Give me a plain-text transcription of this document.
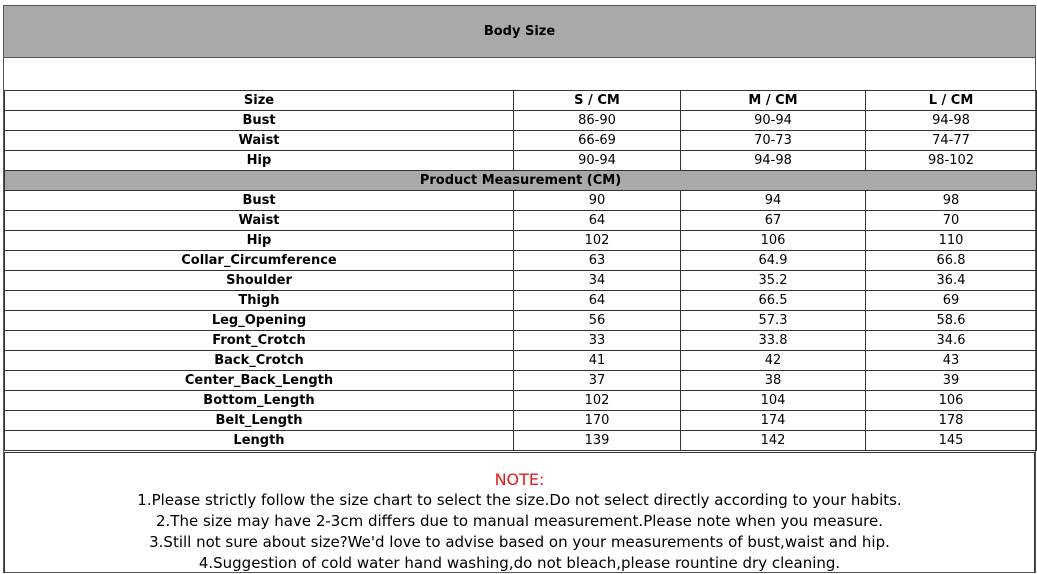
Body Size
Size	S / CM	M / CM	L / CM
Bust	86-90	90-94	94-98
Waist	66-69	70-73	74-77
Hip	90-94	94-98	98-102
Product Measurement (CM)			
Bust	90	94	98
Waist	64	67	70
Hip	102	106	110
Collar_Circumference	63	64.9	66.8
Shoulder	34	35.2	36.4
Thigh	64	66.5	69
Leg_Opening	56	57.3	58.6
Front_Crotch	33	33.8	34.6
Back_Crotch	41	42	43
Center_Back_Length	37	38	39
Bottom_Length	102	104	106
Belt_Length	170	174	178
Length	139	142	145
NOTE:
1.Please strictly follow the size chart to select the size.Do not select directly according to your habits.
2.The size may have 2-3cm differs due to manual measurement.Please note when you measure.
3.Still not sure about size?We'd love to advise based on your measurements of bust,waist and hip.
4.Suggestion of cold water hand washing,do not bleach,please rountine dry cleaning.
